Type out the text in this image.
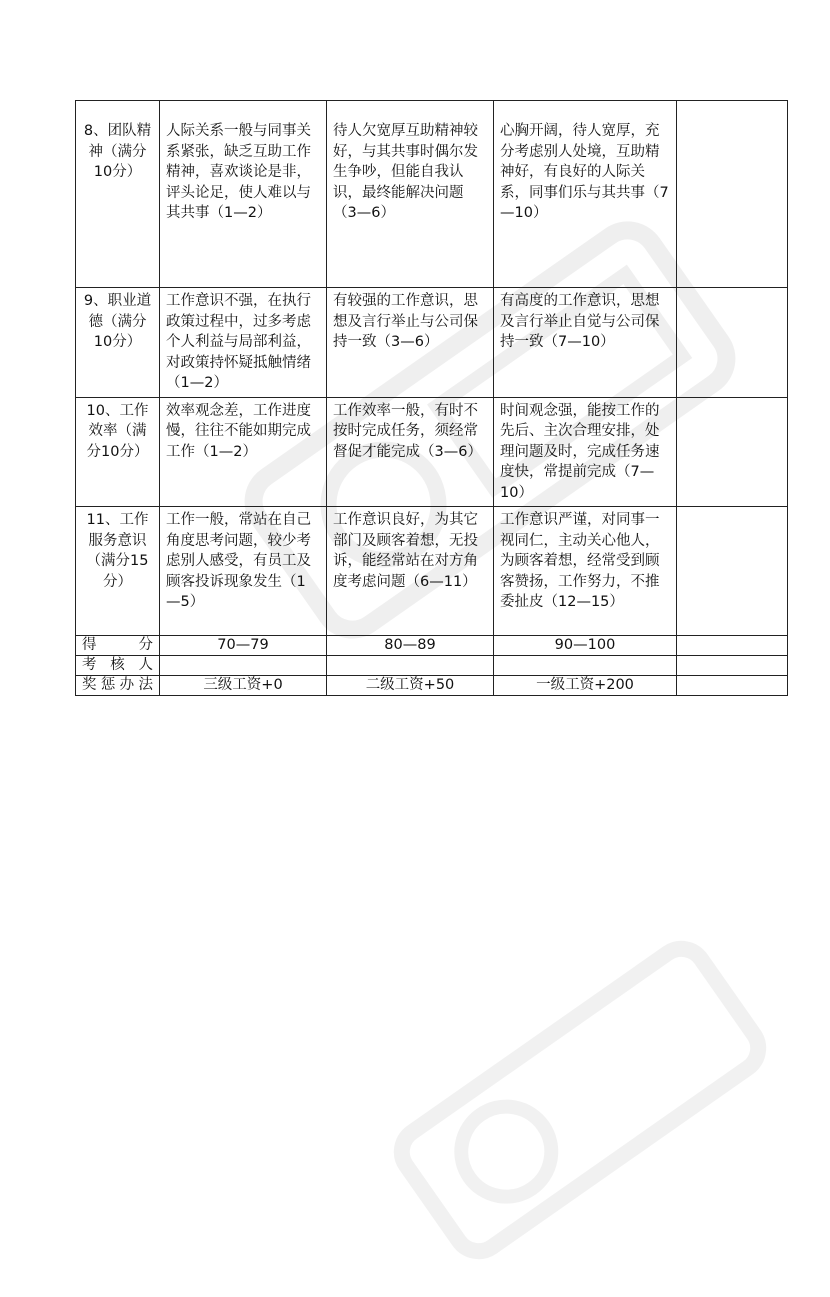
8、团队精神（满分10分）	人际关系一般与同事关系紧张，缺乏互助工作精神，喜欢谈论是非，评头论足，使人难以与其共事（1—2）	待人欠宽厚互助精神较好，与其共事时偶尔发生争吵，但能自我认识，最终能解决问题（3—6）	心胸开阔，待人宽厚，充分考虑别人处境，互助精神好，有良好的人际关系，同事们乐与其共事（7—10）	
9、职业道德（满分10分）	工作意识不强，在执行政策过程中，过多考虑个人利益与局部利益，对政策持怀疑抵触情绪（1—2）	有较强的工作意识，思想及言行举止与公司保持一致（3—6）	有高度的工作意识，思想及言行举止自觉与公司保持一致（7—10）	
10、工作效率（满分10分）	效率观念差，工作进度慢，往往不能如期完成工作（1—2）	工作效率一般，有时不按时完成任务，须经常督促才能完成（3—6）	时间观念强，能按工作的先后、主次合理安排，处理问题及时，完成任务速度快，常提前完成（7—10）	
11、工作服务意识（满分15分）	工作一般，常站在自己角度思考问题，较少考虑别人感受，有员工及顾客投诉现象发生（1—5）	工作意识良好，为其它部门及顾客着想，无投诉，能经常站在对方角度考虑问题（6—11）	工作意识严谨，对同事一视同仁，主动关心他人，为顾客着想，经常受到顾客赞扬，工作努力，不推委扯皮（12—15）	
得分	70—79	80—89	90—100	
考核人				
奖惩办法	三级工资+0	二级工资+50	一级工资+200	
